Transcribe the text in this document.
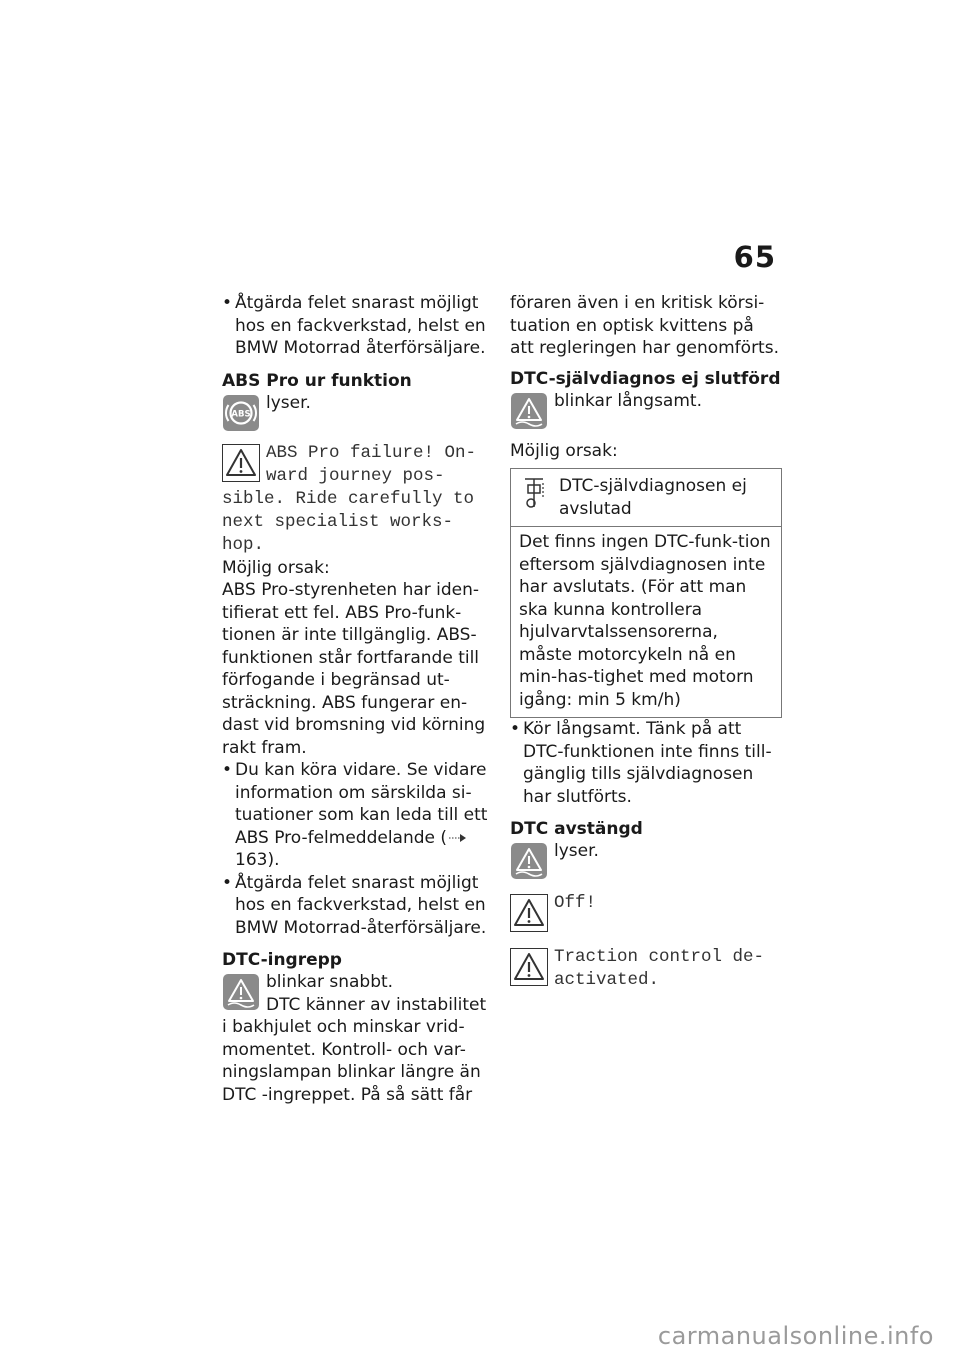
65

• Åtgärda felet snarast möjligt hos en fackverkstad, helst en BMW Motorrad återförsäljare.

ABS Pro ur funktion

ABS
lyser.

ABS Pro failure! On-ward journey pos-sible. Ride carefully to next specialist works-hop.

Möjlig orsak:

ABS Pro-styrenheten har iden-tifierat ett fel. ABS Pro-funk-tionen är inte tillgänglig. ABS-funktionen står fortfarande till förfogande i begränsad ut-sträckning. ABS fungerar en-dast vid bromsning vid körning rakt fram.

• Du kan köra vidare. Se vidare information om särskilda si-tuationer som kan leda till ett ABS Pro-felmeddelande (163).

• Åtgärda felet snarast möjligt hos en fackverkstad, helst en BMW Motorrad-återförsäljare.

DTC-ingrepp

blinkar snabbt.

DTC känner av instabilitet i bakhjulet och minskar vrid-momentet. Kontroll- och var-ningslampan blinkar längre än DTC -ingreppet. På så sätt får

föraren även i en kritisk körsi-tuation en optisk kvittens på att regleringen har genomförts.

DTC-självdiagnos ej slutförd

blinkar långsamt.

Möjlig orsak:

DTC-självdiagnosen ej avslutad
Det finns ingen DTC-funk-tion eftersom självdiagnosen inte har avslutats. (För att man ska kunna kontrollera hjulvarvtalssensorerna, måste motorcykeln nå en min-has-tighet med motorn igång: min 5 km/h)

• Kör långsamt. Tänk på att DTC-funktionen inte finns till-gänglig tills självdiagnosen har slutförts.

DTC avstängd

lyser.
Off!
Traction control de-activated.
carmanualsonline.info
